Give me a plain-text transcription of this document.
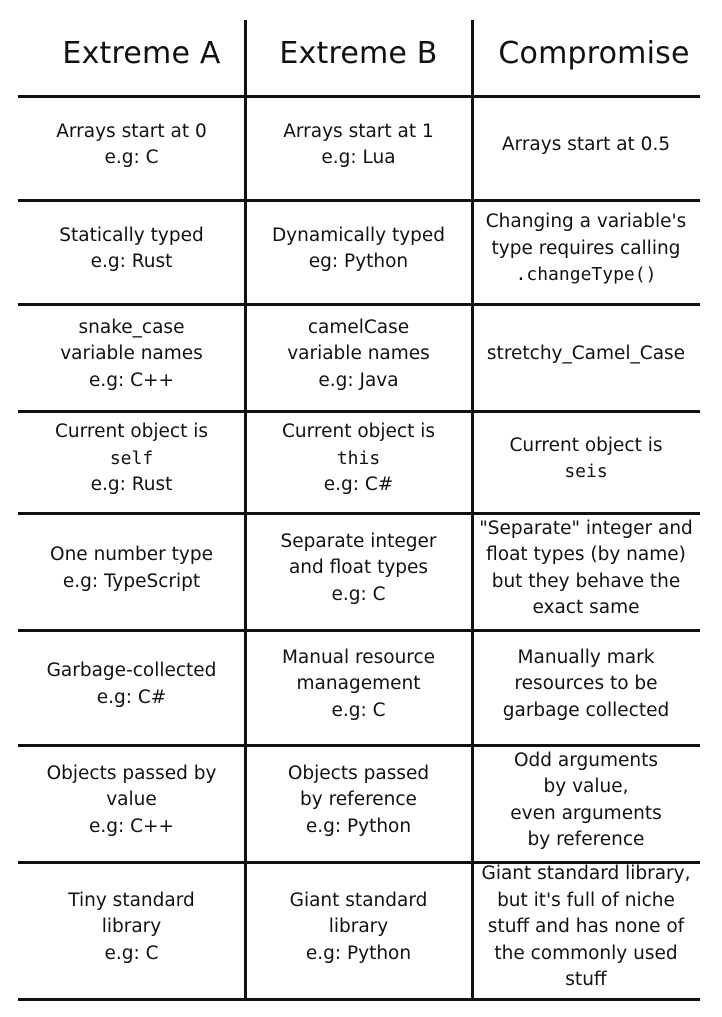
Extreme A Extreme B Compromise
Arrays start at 0
e.g: C
Arrays start at 1
e.g: Lua
Arrays start at 0.5
Statically typed
e.g: Rust
Dynamically typed
eg: Python
Changing a variable's
type requires calling
.changeType()
snake_case
variable names
e.g: C++
camelCase
variable names
e.g: Java
stretchy_Camel_Case
Current object is
self
e.g: Rust
Current object is
this
e.g: C#
Current object is
seis
One number type
e.g: TypeScript
Separate integer
and float types
e.g: C
"Separate" integer and
float types (by name)
but they behave the
exact same
Garbage-collected
e.g: C#
Manual resource
management
e.g: C
Manually mark
resources to be
garbage collected
Objects passed by
value
e.g: C++
Objects passed
by reference
e.g: Python
Odd arguments
by value,
even arguments
by reference
Tiny standard
library
e.g: C
Giant standard
library
e.g: Python
Giant standard library,
but it's full of niche
stuff and has none of
the commonly used
stuff
